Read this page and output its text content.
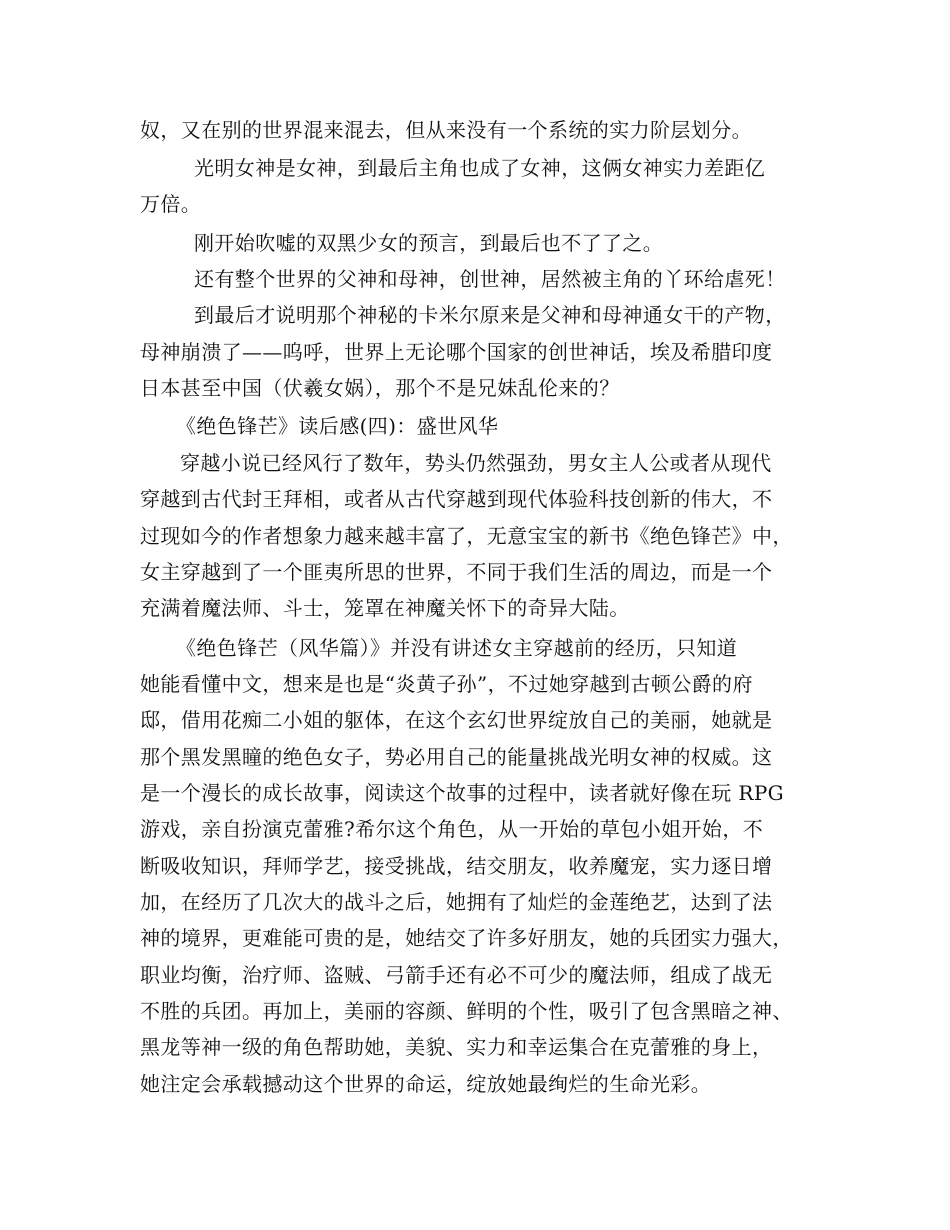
奴，又在别的世界混来混去，但从来没有一个系统的实力阶层划分。
光明女神是女神，到最后主角也成了女神，这俩女神实力差距亿
万倍。
刚开始吹嘘的双黑少女的预言，到最后也不了了之。
还有整个世界的父神和母神，创世神，居然被主角的丫环给虐死！
到最后才说明那个神秘的卡米尔原来是父神和母神通女干的产物，
母神崩溃了——呜呼，世界上无论哪个国家的创世神话，埃及希腊印度
日本甚至中国（伏羲女娲），那个不是兄妹乱伦来的？
《绝色锋芒》读后感(四)：盛世风华
穿越小说已经风行了数年，势头仍然强劲，男女主人公或者从现代
穿越到古代封王拜相，或者从古代穿越到现代体验科技创新的伟大，不
过现如今的作者想象力越来越丰富了，无意宝宝的新书《绝色锋芒》中，
女主穿越到了一个匪夷所思的世界，不同于我们生活的周边，而是一个
充满着魔法师、斗士，笼罩在神魔关怀下的奇异大陆。
《绝色锋芒（风华篇）》并没有讲述女主穿越前的经历，只知道
她能看懂中文，想来是也是“炎黄子孙”，不过她穿越到古顿公爵的府
邸，借用花痴二小姐的躯体，在这个玄幻世界绽放自己的美丽，她就是
那个黑发黑瞳的绝色女子，势必用自己的能量挑战光明女神的权威。这
是一个漫长的成长故事，阅读这个故事的过程中，读者就好像在玩 RPG
游戏，亲自扮演克蕾雅?希尔这个角色，从一开始的草包小姐开始，不
断吸收知识，拜师学艺，接受挑战，结交朋友，收养魔宠，实力逐日增
加，在经历了几次大的战斗之后，她拥有了灿烂的金莲绝艺，达到了法
神的境界，更难能可贵的是，她结交了许多好朋友，她的兵团实力强大，
职业均衡，治疗师、盗贼、弓箭手还有必不可少的魔法师，组成了战无
不胜的兵团。再加上，美丽的容颜、鲜明的个性，吸引了包含黑暗之神、
黑龙等神一级的角色帮助她，美貌、实力和幸运集合在克蕾雅的身上，
她注定会承载撼动这个世界的命运，绽放她最绚烂的生命光彩。
